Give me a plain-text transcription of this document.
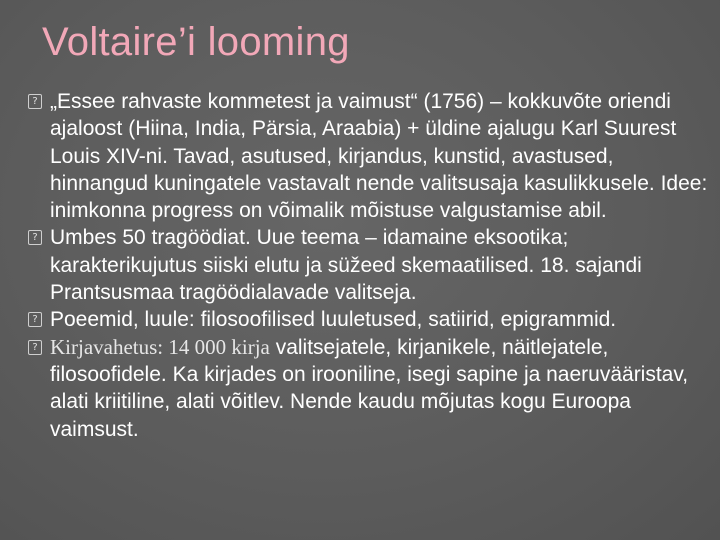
Voltaire’i looming
? „Essee rahvaste kommetest ja vaimust“ (1756) – kokkuvõte oriendi ajaloost (Hiina, India, Pärsia, Araabia) + üldine ajalugu Karl Suurest Louis XIV-ni. Tavad, asutused, kirjandus, kunstid, avastused, hinnangud kuningatele vastavalt nende valitsusaja kasulikkusele. Idee: inimkonna progress on võimalik mõistuse valgustamise abil.
? Umbes 50 tragöödiat. Uue teema – idamaine eksootika; karakterikujutus siiski elutu ja süžeed skemaatilised. 18. sajandi Prantsusmaa tragöödialavade valitseja.
? Poeemid, luule: filosoofilised luuletused, satiirid, epigrammid.
? Kirjavahetus: 14 000 kirja valitsejatele, kirjanikele, näitlejatele, filosoofidele. Ka kirjades on irooniline, isegi sapine ja naeruvääristav, alati kriitiline, alati võitlev. Nende kaudu mõjutas kogu Euroopa vaimsust.
